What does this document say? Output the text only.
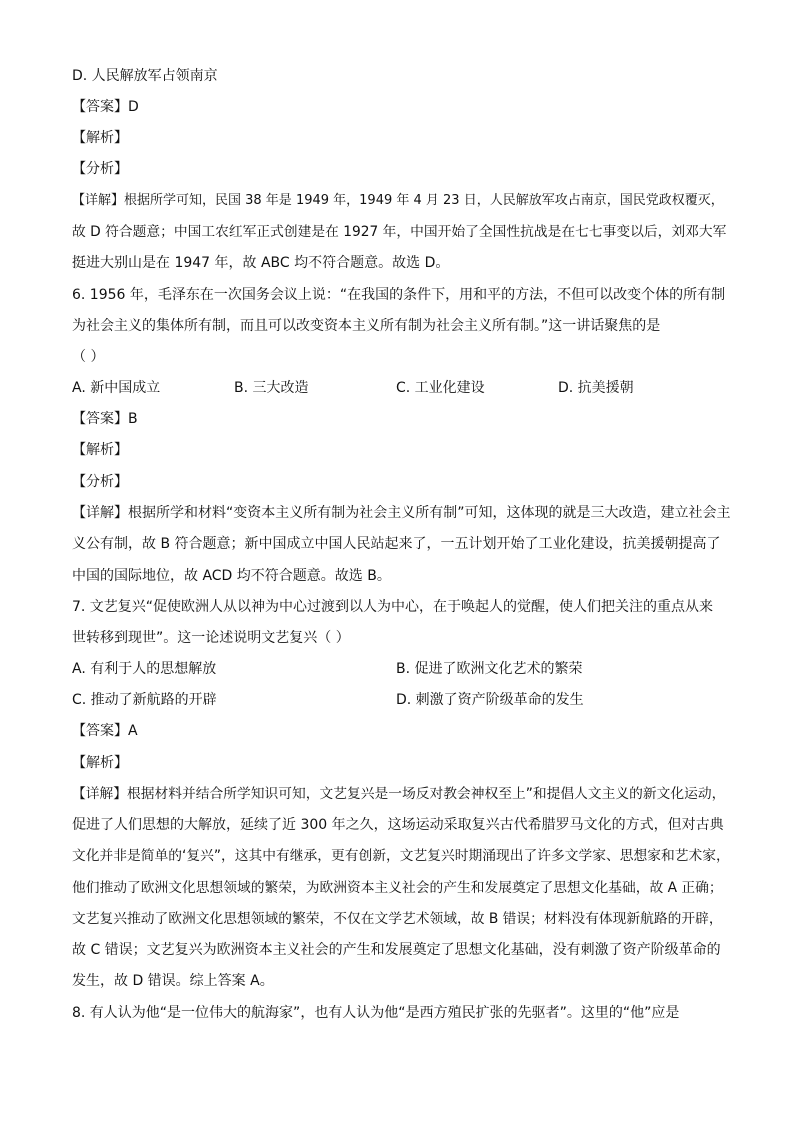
D. 人民解放军占领南京
【答案】D
【解析】
【分析】
【详解】根据所学可知，民国 38 年是 1949 年，1949 年 4 月 23 日，人民解放军攻占南京，国民党政权覆灭，
故 D 符合题意；中国工农红军正式创建是在 1927 年，中国开始了全国性抗战是在七七事变以后，刘邓大军
挺进大别山是在 1947 年，故 ABC 均不符合题意。故选 D。
6. 1956 年，毛泽东在一次国务会议上说：“在我国的条件下，用和平的方法，不但可以改变个体的所有制
为社会主义的集体所有制，而且可以改变资本主义所有制为社会主义所有制。”这一讲话聚焦的是
（ ）
A. 新中国成立	B. 三大改造	C. 工业化建设	D. 抗美援朝
【答案】B
【解析】
【分析】
【详解】根据所学和材料“变资本主义所有制为社会主义所有制”可知，这体现的就是三大改造，建立社会主
义公有制，故 B 符合题意；新中国成立中国人民站起来了，一五计划开始了工业化建设，抗美援朝提高了
中国的国际地位，故 ACD 均不符合题意。故选 B。
7. 文艺复兴“促使欧洲人从以神为中心过渡到以人为中心，在于唤起人的觉醒，使人们把关注的重点从来
世转移到现世”。这一论述说明文艺复兴（ ）
A. 有利于人的思想解放	B. 促进了欧洲文化艺术的繁荣
C. 推动了新航路的开辟	D. 刺激了资产阶级革命的发生
【答案】A
【解析】
【详解】根据材料并结合所学知识可知，文艺复兴是一场反对教会神权至上”和提倡人文主义的新文化运动，
促进了人们思想的大解放，延续了近 300 年之久，这场运动采取复兴古代希腊罗马文化的方式，但对古典
文化并非是简单的‘复兴”，这其中有继承，更有创新，文艺复兴时期涌现出了许多文学家、思想家和艺术家，
他们推动了欧洲文化思想领域的繁荣，为欧洲资本主义社会的产生和发展奠定了思想文化基础，故 A 正确；
文艺复兴推动了欧洲文化思想领域的繁荣，不仅在文学艺术领域，故 B 错误；材料没有体现新航路的开辟，
故 C 错误；文艺复兴为欧洲资本主义社会的产生和发展奠定了思想文化基础，没有刺激了资产阶级革命的
发生，故 D 错误。综上答案 A。
8. 有人认为他“是一位伟大的航海家”，也有人认为他“是西方殖民扩张的先驱者”。这里的“他”应是
